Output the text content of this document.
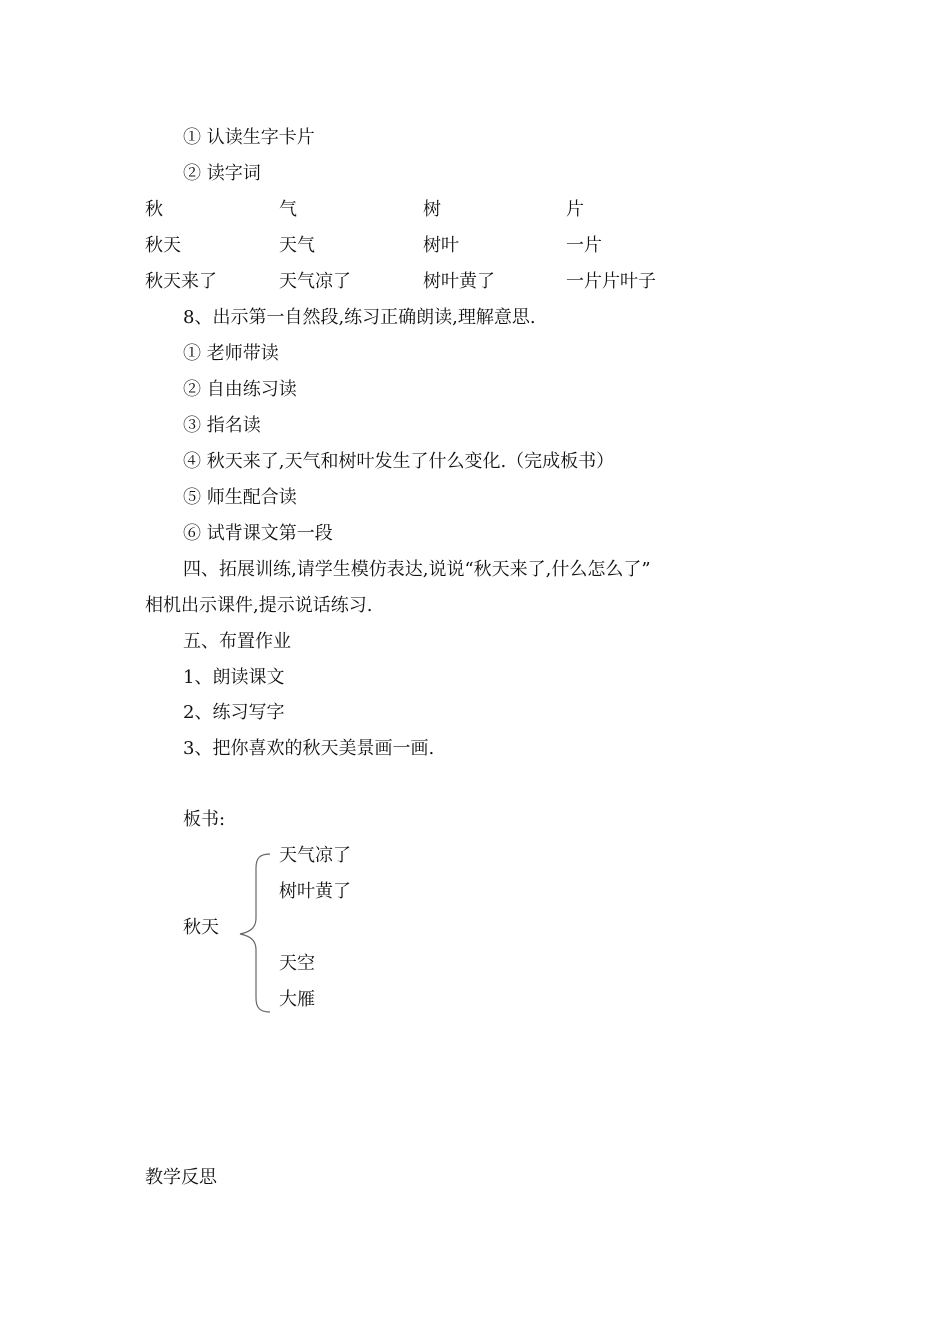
① 认读生字卡片
② 读字词
秋	气	树	片
秋天	天气	树叶	一片
秋天来了	天气凉了	树叶黄了	一片片叶子
8、出示第一自然段,练习正确朗读,理解意思.
① 老师带读
② 自由练习读
③ 指名读
④ 秋天来了,天气和树叶发生了什么变化.（完成板书）
⑤ 师生配合读
⑥ 试背课文第一段
四、拓展训练,请学生模仿表达,说说“秋天来了,什么怎么了”
相机出示课件,提示说话练习.
五、布置作业
1、朗读课文
2、练习写字
3、把你喜欢的秋天美景画一画.
板书:
秋天
天气凉了
树叶黄了
天空
大雁
教学反思
